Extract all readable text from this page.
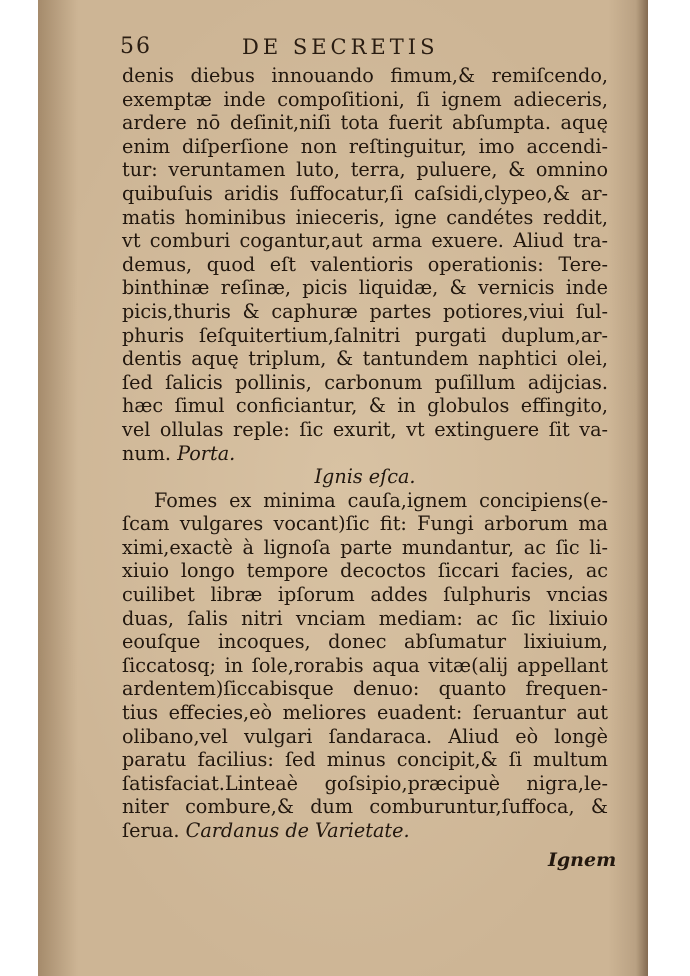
56	DE SECRETIS
denis diebus innouando fimum,& remiſcendo,
exemptæ inde compoſitioni, ſi ignem adieceris,
ardere nō deſinit,niſi tota fuerit abſumpta. aquę
enim diſperſione non reſtinguitur, imo accendi-
tur: veruntamen luto, terra, puluere, & omnino
quibuſuis aridis ſuffocatur,ſi caſsidi,clypeo,& ar-
matis hominibus inieceris, igne candétes reddit,
vt comburi cogantur,aut arma exuere. Aliud tra-
demus, quod eſt valentioris operationis: Tere-
binthinæ reſinæ, picis liquidæ, & vernicis inde
picis,thuris & caphuræ partes potiores,viui ſul-
phuris ſeſquitertium,ſalnitri purgati duplum,ar-
dentis aquę triplum, & tantundem naphtici olei,
ſed ſalicis pollinis, carbonum puſillum adijcias.
hæc ſimul conficiantur, & in globulos effingito,
vel ollulas reple: ſic exurit, vt extinguere ſit va-
num. Porta.
Ignis eſca.
Fomes ex minima cauſa,ignem concipiens(e-
ſcam vulgares vocant)ſic fit: Fungi arborum ma
ximi,exactè à lignoſa parte mundantur, ac ſic li-
xiuio longo tempore decoctos ſiccari facies, ac
cuilibet libræ ipſorum addes ſulphuris vncias
duas, ſalis nitri vnciam mediam: ac ſic lixiuio
eouſque incoques, donec abſumatur lixiuium,
ſiccatosq; in ſole,rorabis aqua vitæ(alij appellant
ardentem)ſiccabisque denuo: quanto frequen-
tius effecies,eò meliores euadent: ſeruantur aut
olibano,vel vulgari ſandaraca. Aliud eò longè
paratu facilius: ſed minus concipit,& ſi multum
ſatisfaciat.Linteaè goſsipio,præcipuè nigra,le-
niter combure,& dum comburuntur,ſuffoca, &
ſerua. Cardanus de Varietate.
Ignem
